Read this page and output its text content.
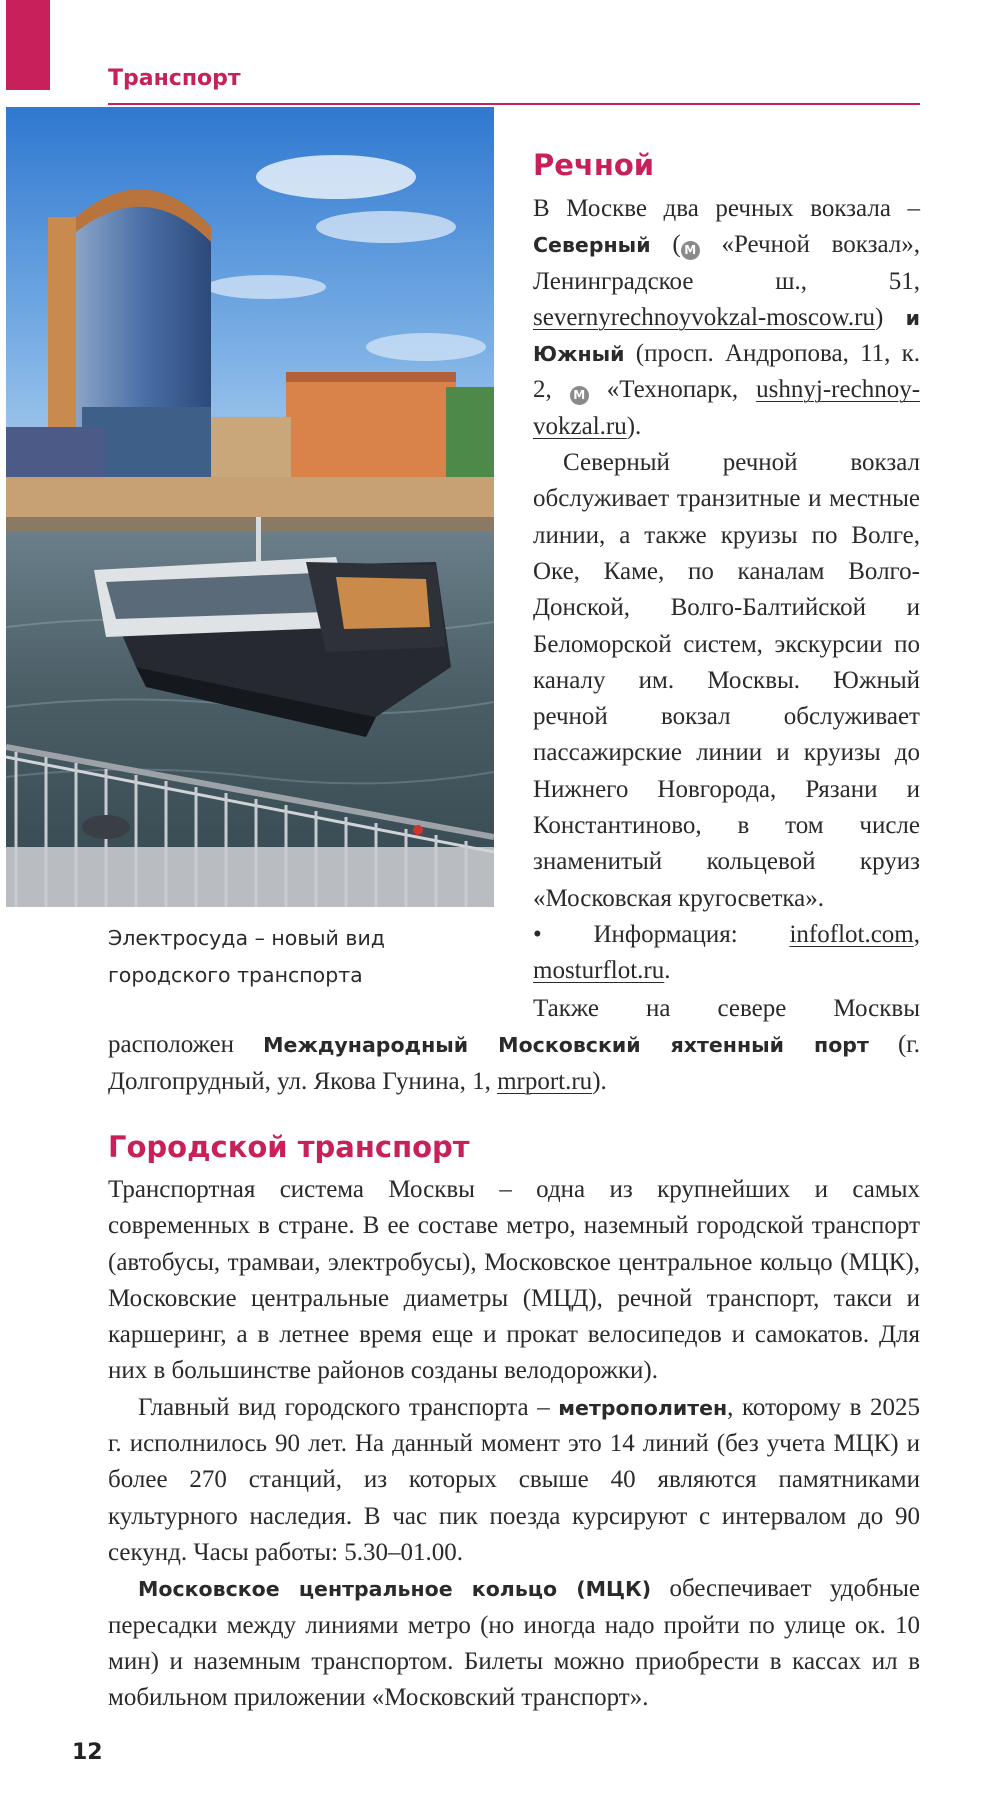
Транспорт
Электросуда – новый вид городского транспорта
Речной

В Москве два речных вокзала – Северный ( М «Речной вокзал», Ленинградское ш., 51, severnyrechnoyvokzal-moscow.ru) и Южный (просп. Андропова, 11, к. 2, М «Технопарк, ushnyj-rechnoy-vokzal.ru).

Северный речной вокзал обслуживает транзитные и местные линии, а также круизы по Волге, Оке, Каме, по каналам Волго-Донской, Волго-Балтийской и Беломорской систем, экскурсии по каналу им. Москвы. Южный речной вокзал обслуживает пассажирские линии и круизы до Нижнего Новгорода, Рязани и Константиново, в том числе знаменитый кольцевой круиз «Московская кругосветка».

• Информация: infoflot.com, mosturflot.ru.

Также на севере Москвы расположен Международный Московский яхтенный порт (г. Долгопрудный, ул. Якова Гунина, 1, mrport.ru).

Городской транспорт

Транспортная система Москвы – одна из крупнейших и самых современных в стране. В ее составе метро, наземный городской транспорт (автобусы, трамваи, электробусы), Московское центральное кольцо (МЦК), Московские центральные диаметры (МЦД), речной транспорт, такси и каршеринг, а в летнее время еще и прокат велосипедов и самокатов. Для них в большинстве районов созданы велодорожки).

Главный вид городского транспорта – метрополитен, которому в 2025 г. исполнилось 90 лет. На данный момент это 14 линий (без учета МЦК) и более 270 станций, из которых свыше 40 являются памятниками культурного наследия. В час пик поезда курсируют с интервалом до 90 секунд. Часы работы: 5.30–01.00.

Московское центральное кольцо (МЦК) обеспечивает удобные пересадки между линиями метро (но иногда надо пройти по улице ок. 10 мин) и наземным транспортом. Билеты можно приобрести в кассах ил в мобильном приложении «Московский транспорт».

12
